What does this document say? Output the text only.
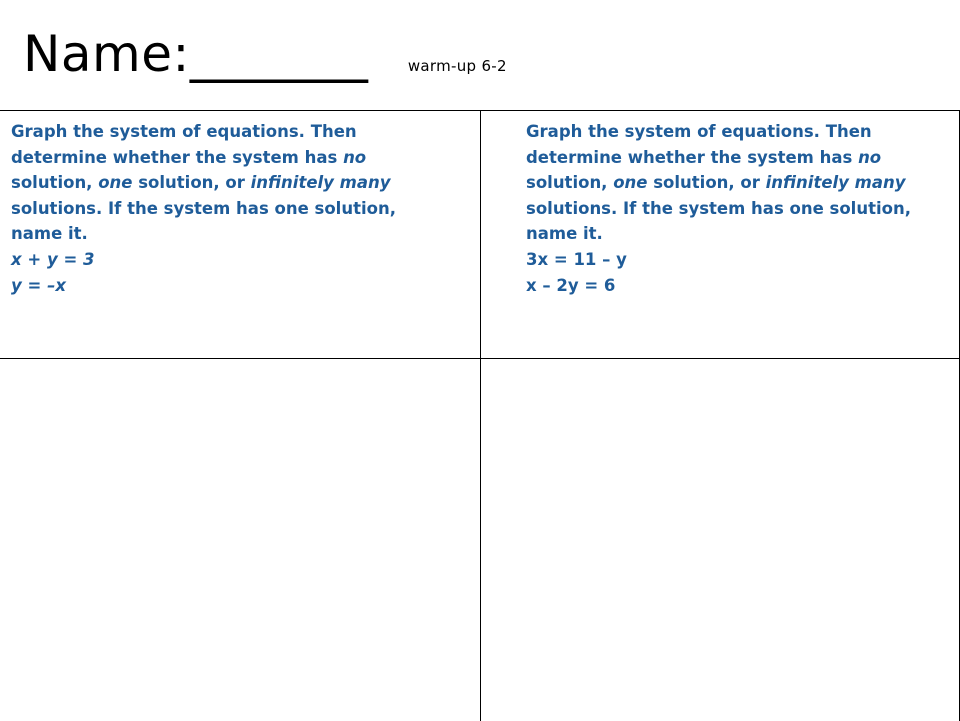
Name: __________	warm-up 6-2
Graph the system of equations. Then determine whether the system has no solution, one solution, or infinitely many solutions. If the system has one solution, name it.
x + y = 3
y = –x
Graph the system of equations. Then determine whether the system has no solution, one solution, or infinitely many solutions. If the system has one solution, name it.
3x = 11 – y
x – 2y = 6
